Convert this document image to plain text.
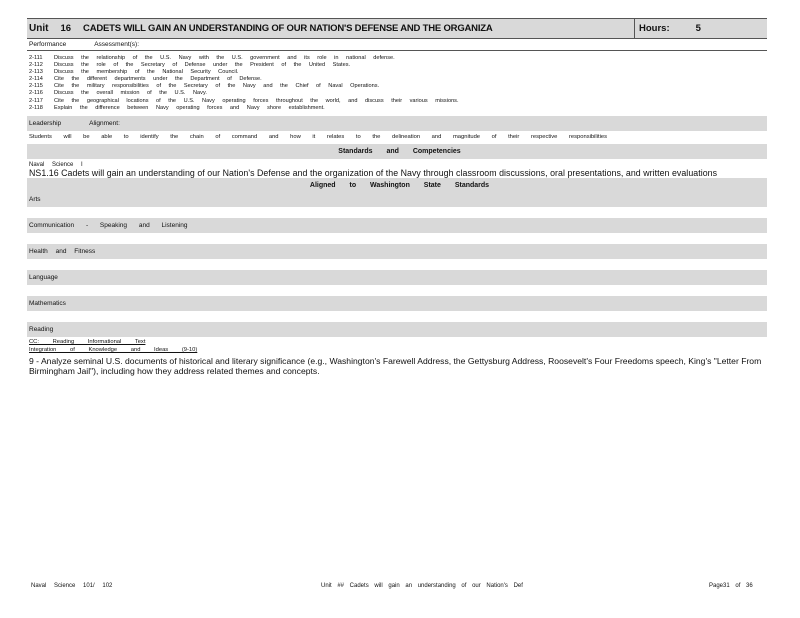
Unit 16 CADETS WILL GAIN AN UNDERSTANDING OF OUR NATION'S DEFENSE AND THE ORGANIZA	Hours:	5
Performance	Assessment(s):
2-111	Discuss the relationship of the U.S. Navy with the U.S. government and its role in national defense.
2-112	Discuss the role of the Secretary of Defense under the President of the United States.
2-113	Discuss the membership of the National Security Council.
2-114	Cite the different departments under the Department of Defense.
2-115	Cite the military responsibilities of the Secretary of the Navy and the Chief of Naval Operations.
2-116	Discuss the overall mission of the U.S. Navy.
2-117	Cite the geographical locations of the U.S. Navy operating forces throughout the world, and discuss their various missions.
2-118	Explain the difference between Navy operating forces and Navy shore establishment.
Leadership	Alignment:
Students will be able to identify the chain of command and how it relates to the delineation and magnitude of their respective responsibilities
Standards and Competencies
Naval Science I
NS1.16 Cadets will gain an understanding of our Nation's Defense and the organization of the Navy through classroom discussions, oral presentations, and written evaluations
Aligned to Washington State Standards
Arts
Communication - Speaking and Listening
Health and Fitness
Language
Mathematics
Reading
CC: Reading Informational Text
Integration of Knowledge and Ideas (9-10)
9 - Analyze seminal U.S. documents of historical and literary significance (e.g., Washington's Farewell Address, the Gettysburg Address, Roosevelt's Four Freedoms speech, King's "Letter From Birmingham Jail"), including how they address related themes and concepts.
Naval Science 101/ 102	Unit ## Cadets will gain an understanding of our Nation's Def	Page31 of 36
